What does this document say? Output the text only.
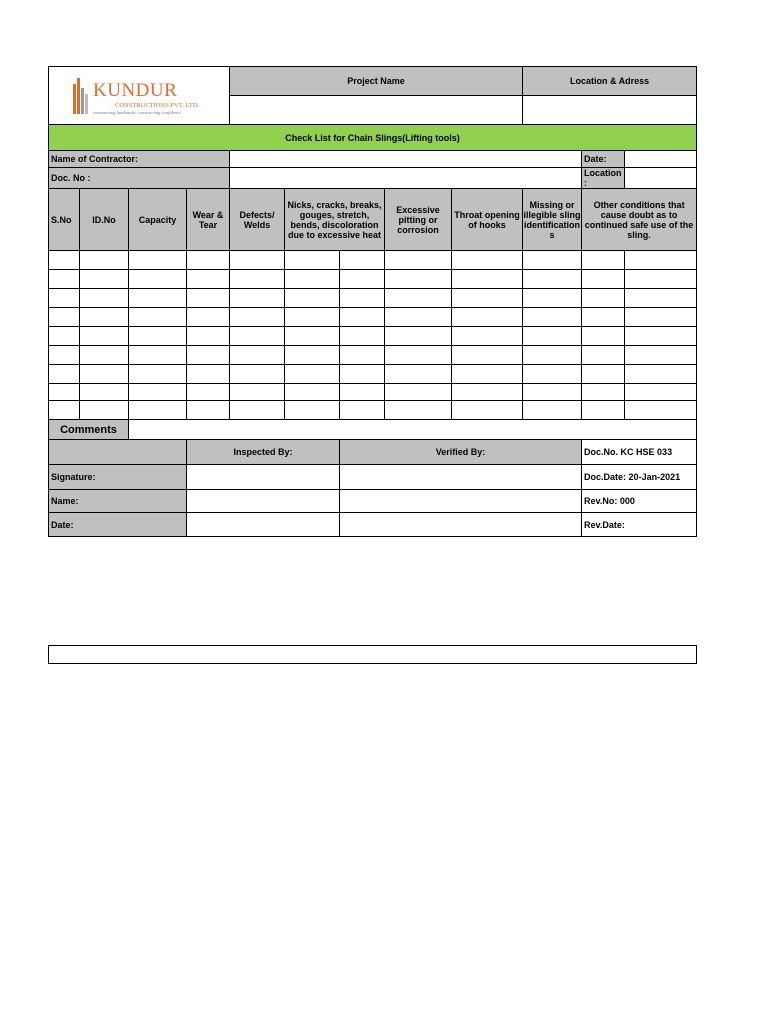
KUNDUR
CONSTRUCTIONS PVT. LTD.
constructing landmarks, constructing confidence				Project Name					Location & Adress		

Check List for Chain Slings(Lifting tools)											
Name of Contractor:										Date:	
Doc. No :										Location :	
S.No	ID.No	Capacity	Wear & Tear	Defects/ Welds	Nicks, cracks, breaks, gouges, stretch, bends, discoloration due to excessive heat		Excessive pitting or corrosion	Throat opening of hooks	Missing or illegible sling identification s	Other conditions that cause doubt as to continued safe use of the sling.	

Comments											
			Inspected By:			Verified By:				Doc.No. KC HSE 033	
Signature:										Doc.Date: 20-Jan-2021	
Name:										Rev.No: 000	
Date:										Rev.Date:	
